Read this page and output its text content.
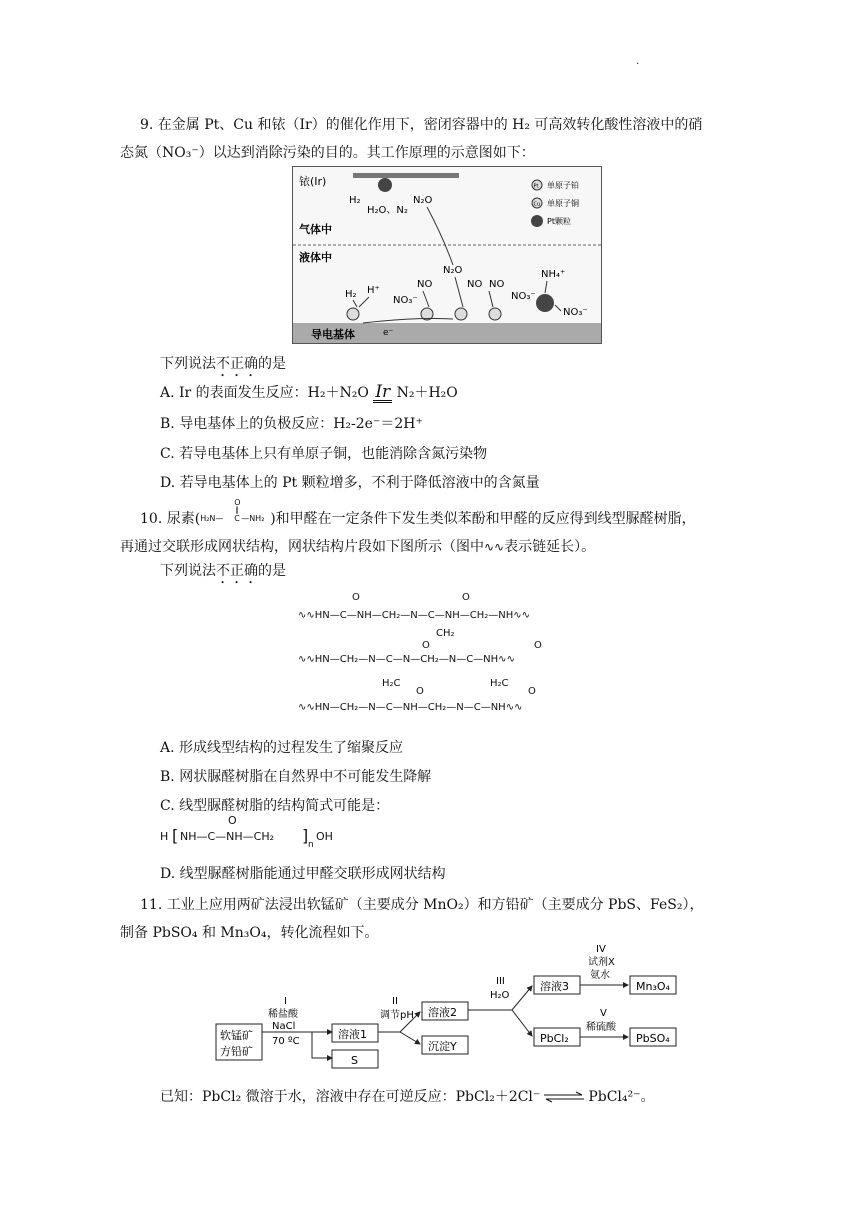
.
9. 在金属 Pt、Cu 和铱（Ir）的催化作用下，密闭容器中的 H₂ 可高效转化酸性溶液中的硝
态氮（NO₃⁻）以达到消除污染的目的。其工作原理的示意图如下：
铱(Ir)
H₂
H₂O、N₂
N₂O
Pt 单原子铂
Cu 单原子铜
Pt颗粒
气体中
液体中
导电基体	e⁻
H₂ H⁺
NO₃⁻
NO
N₂O
NO NO
NO₃⁻
NH₄⁺
NO₃⁻
下列说法不正确的是
A. Ir 的表面发生反应：H₂＋N₂O Ir N₂＋H₂O
B. 导电基体上的负极反应：H₂-2e⁻＝2H⁺
C. 若导电基体上只有单原子铜，也能消除含氮污染物
D. 若导电基体上的 Pt 颗粒增多，不利于降低溶液中的含氮量
10. 尿素(
O
‖
H₂N— C —NH₂ )和甲醛在一定条件下发生类似苯酚和甲醛的反应得到线型脲醛树脂，
再通过交联形成网状结构，网状结构片段如下图所示（图中∿∿表示链延长）。
下列说法不正确的是
O	O
∿∿HN—C—NH—CH₂—N—C—NH—CH₂—NH∿∿
CH₂
O	O
∿∿HN—CH₂—N—C—N—CH₂—N—C—NH∿∿
H₂C	H₂C
O	O
∿∿HN—CH₂—N—C—NH—CH₂—N—C—NH∿∿
A. 形成线型结构的过程发生了缩聚反应
B. 网状脲醛树脂在自然界中不可能发生降解
C. 线型脲醛树脂的结构简式可能是：
O
H [ NH—C—NH—CH₂ ] n
OH
D. 线型脲醛树脂能通过甲醛交联形成网状结构
11. 工业上应用两矿法浸出软锰矿（主要成分 MnO₂）和方铅矿（主要成分 PbS、FeS₂），
制备 PbSO₄ 和 Mn₃O₄，转化流程如下。
软锰矿
方铅矿
I
稀盐酸
NaCl
70 ºC
溶液1
S
II
调节pH 溶液2
沉淀Y
III
H₂O
溶液3
PbCl₂
IV
试剂X
氨水
Mn₃O₄
V
稀硫酸
PbSO₄
已知：PbCl₂ 微溶于水，溶液中存在可逆反应：PbCl₂＋2Cl⁻ ⇌ PbCl₄²⁻。
